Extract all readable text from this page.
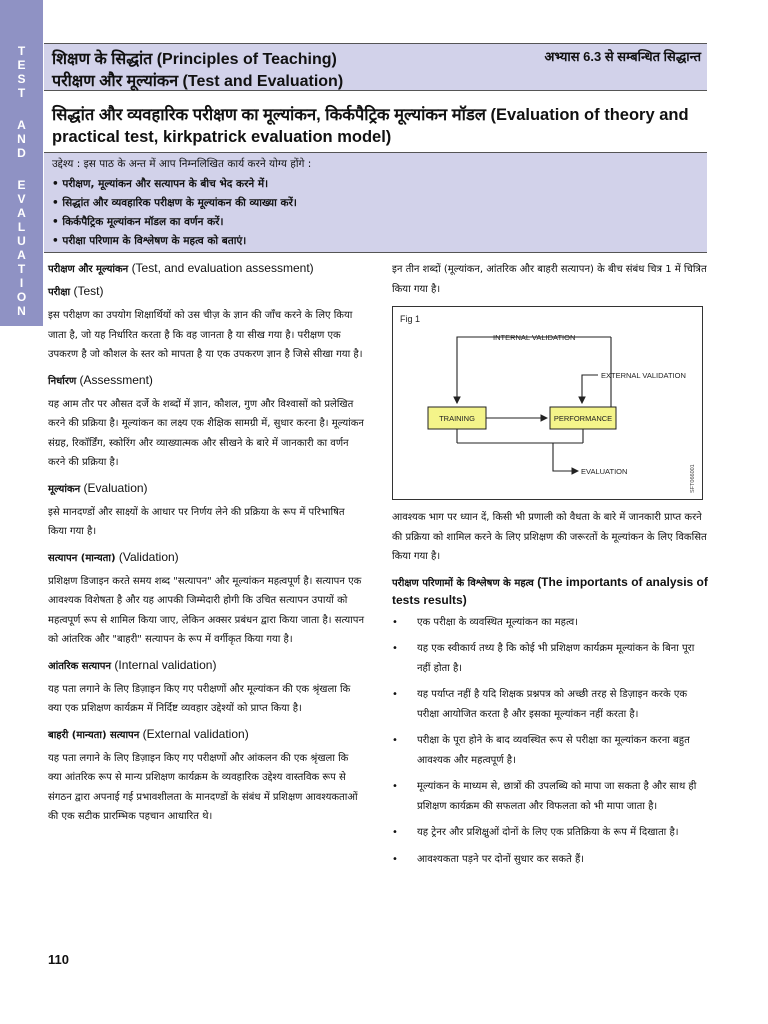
T
E
S
T
A
N
D
E
V
A
L
U
A
T
I
O
N
शिक्षण के सिद्धांत (Principles of Teaching)
परीक्षण और मूल्यांकन (Test and Evaluation)
अभ्यास 6.3 से सम्बन्धित सिद्धान्त
सिद्धांत और व्यवहारिक परीक्षण का मूल्यांकन, किर्कपैट्रिक मूल्यांकन मॉडल (Evaluation of theory and practical test, kirkpatrick evaluation model)
उद्देश्य : इस पाठ के अन्त में आप निम्नलिखित कार्य करने योग्य होंगे :
• परीक्षण, मूल्यांकन और सत्यापन के बीच भेद करने में।
• सिद्धांत और व्यवहारिक परीक्षण के मूल्यांकन की व्याख्या करें।
• किर्कपैट्रिक मूल्यांकन मॉडल का वर्णन करें।
• परीक्षा परिणाम के विश्लेषण के महत्व को बताएं।
परीक्षण और मूल्यांकन (Test, and evaluation assessment)
परीक्षा (Test)

इस परीक्षण का उपयोग शिक्षार्थियों को उस चीज़ के ज्ञान की जाँच करने के लिए किया जाता है, जो यह निर्धारित करता है कि वह जानता है या सीख गया है। परीक्षण एक उपकरण है जो कौशल के स्तर को मापता है या एक उपकरण ज्ञान है जिसे सीखा गया है।

निर्धारण (Assessment)

यह आम तौर पर औसत दर्जे के शब्दों में ज्ञान, कौशल, गुण और विश्वासों को प्रलेखित करने की प्रक्रिया है। मूल्यांकन का लक्ष्य एक शैक्षिक सामग्री में, सुधार करना है। मूल्यांकन संग्रह, रिकॉर्डिंग, स्कोरिंग और व्याख्यात्मक और सीखने के बारे में जानकारी का वर्णन करने की प्रक्रिया है।

मूल्यांकन (Evaluation)

इसे मानदण्डों और साक्ष्यों के आधार पर निर्णय लेने की प्रक्रिया के रूप में परिभाषित किया गया है।

सत्यापन (मान्यता) (Validation)

प्रशिक्षण डिजाइन करते समय शब्द "सत्यापन" और मूल्यांकन महत्वपूर्ण है। सत्यापन एक आवश्यक विशेषता है और यह आपकी जिम्मेदारी होगी कि उचित सत्यापन उपायों को महत्वपूर्ण रूप से शामिल किया जाए, लेकिन अक्सर प्रबंधन द्वारा किया जाता है। सत्यापन को आंतरिक और "बाहरी" सत्यापन के रूप में वर्गीकृत किया गया है।

आंतरिक सत्यापन (Internal validation)

यह पता लगाने के लिए डिज़ाइन किए गए परीक्षणों और मूल्यांकन की एक श्रृंखला कि क्या एक प्रशिक्षण कार्यक्रम में निर्दिष्ट व्यवहार उद्देश्यों को प्राप्त किया है।

बाहरी (मान्यता) सत्यापन (External validation)

यह पता लगाने के लिए डिज़ाइन किए गए परीक्षणों और आंकलन की एक श्रृंखला कि क्या आंतरिक रूप से मान्य प्रशिक्षण कार्यक्रम के व्यवहारिक उद्देश्य वास्तविक रूप से संगठन द्वारा अपनाई गई प्रभावशीलता के मानदण्डों के संबंध में प्रशिक्षण आवश्यकताओं की एक सटीक प्रारम्भिक पहचान आधारित थे।

इन तीन शब्दों (मूल्यांकन, आंतरिक और बाहरी सत्यापन) के बीच संबंध चित्र 1 में चित्रित किया गया है।

Fig 1
INTERNAL VALIDATION
EXTERNAL VALIDATION
TRAINING	PERFORMANCE
EVALUATION	SFT066001

आवश्यक भाग पर ध्यान दें, किसी भी प्रणाली को वैधता के बारे में जानकारी प्राप्त करने की प्रक्रिया को शामिल करने के लिए प्रशिक्षण की जरूरतों के मूल्यांकन के लिए विकसित किया गया है।

परीक्षण परिणामों के विश्लेषण के महत्व (The importants of analysis of tests results)
• एक परीक्षा के व्यवस्थित मूल्यांकन का महत्व।
• यह एक स्वीकार्य तथ्य है कि कोई भी प्रशिक्षण कार्यक्रम मूल्यांकन के बिना पूरा नहीं होता है।
• यह पर्याप्त नहीं है यदि शिक्षक प्रश्नपत्र को अच्छी तरह से डिज़ाइन करके एक परीक्षा आयोजित करता है और इसका मूल्यांकन नहीं करता है।
• परीक्षा के पूरा होने के बाद व्यवस्थित रूप से परीक्षा का मूल्यांकन करना बहुत आवश्यक और महत्वपूर्ण है।
• मूल्यांकन के माध्यम से, छात्रों की उपलब्धि को मापा जा सकता है और साथ ही प्रशिक्षण कार्यक्रम की सफलता और विफलता को भी मापा जाता है।
• यह ट्रेनर और प्रशिक्षुओं दोनों के लिए एक प्रतिक्रिया के रूप में दिखाता है।
• आवश्यकता पड़ने पर दोनों सुधार कर सकते हैं।
110
